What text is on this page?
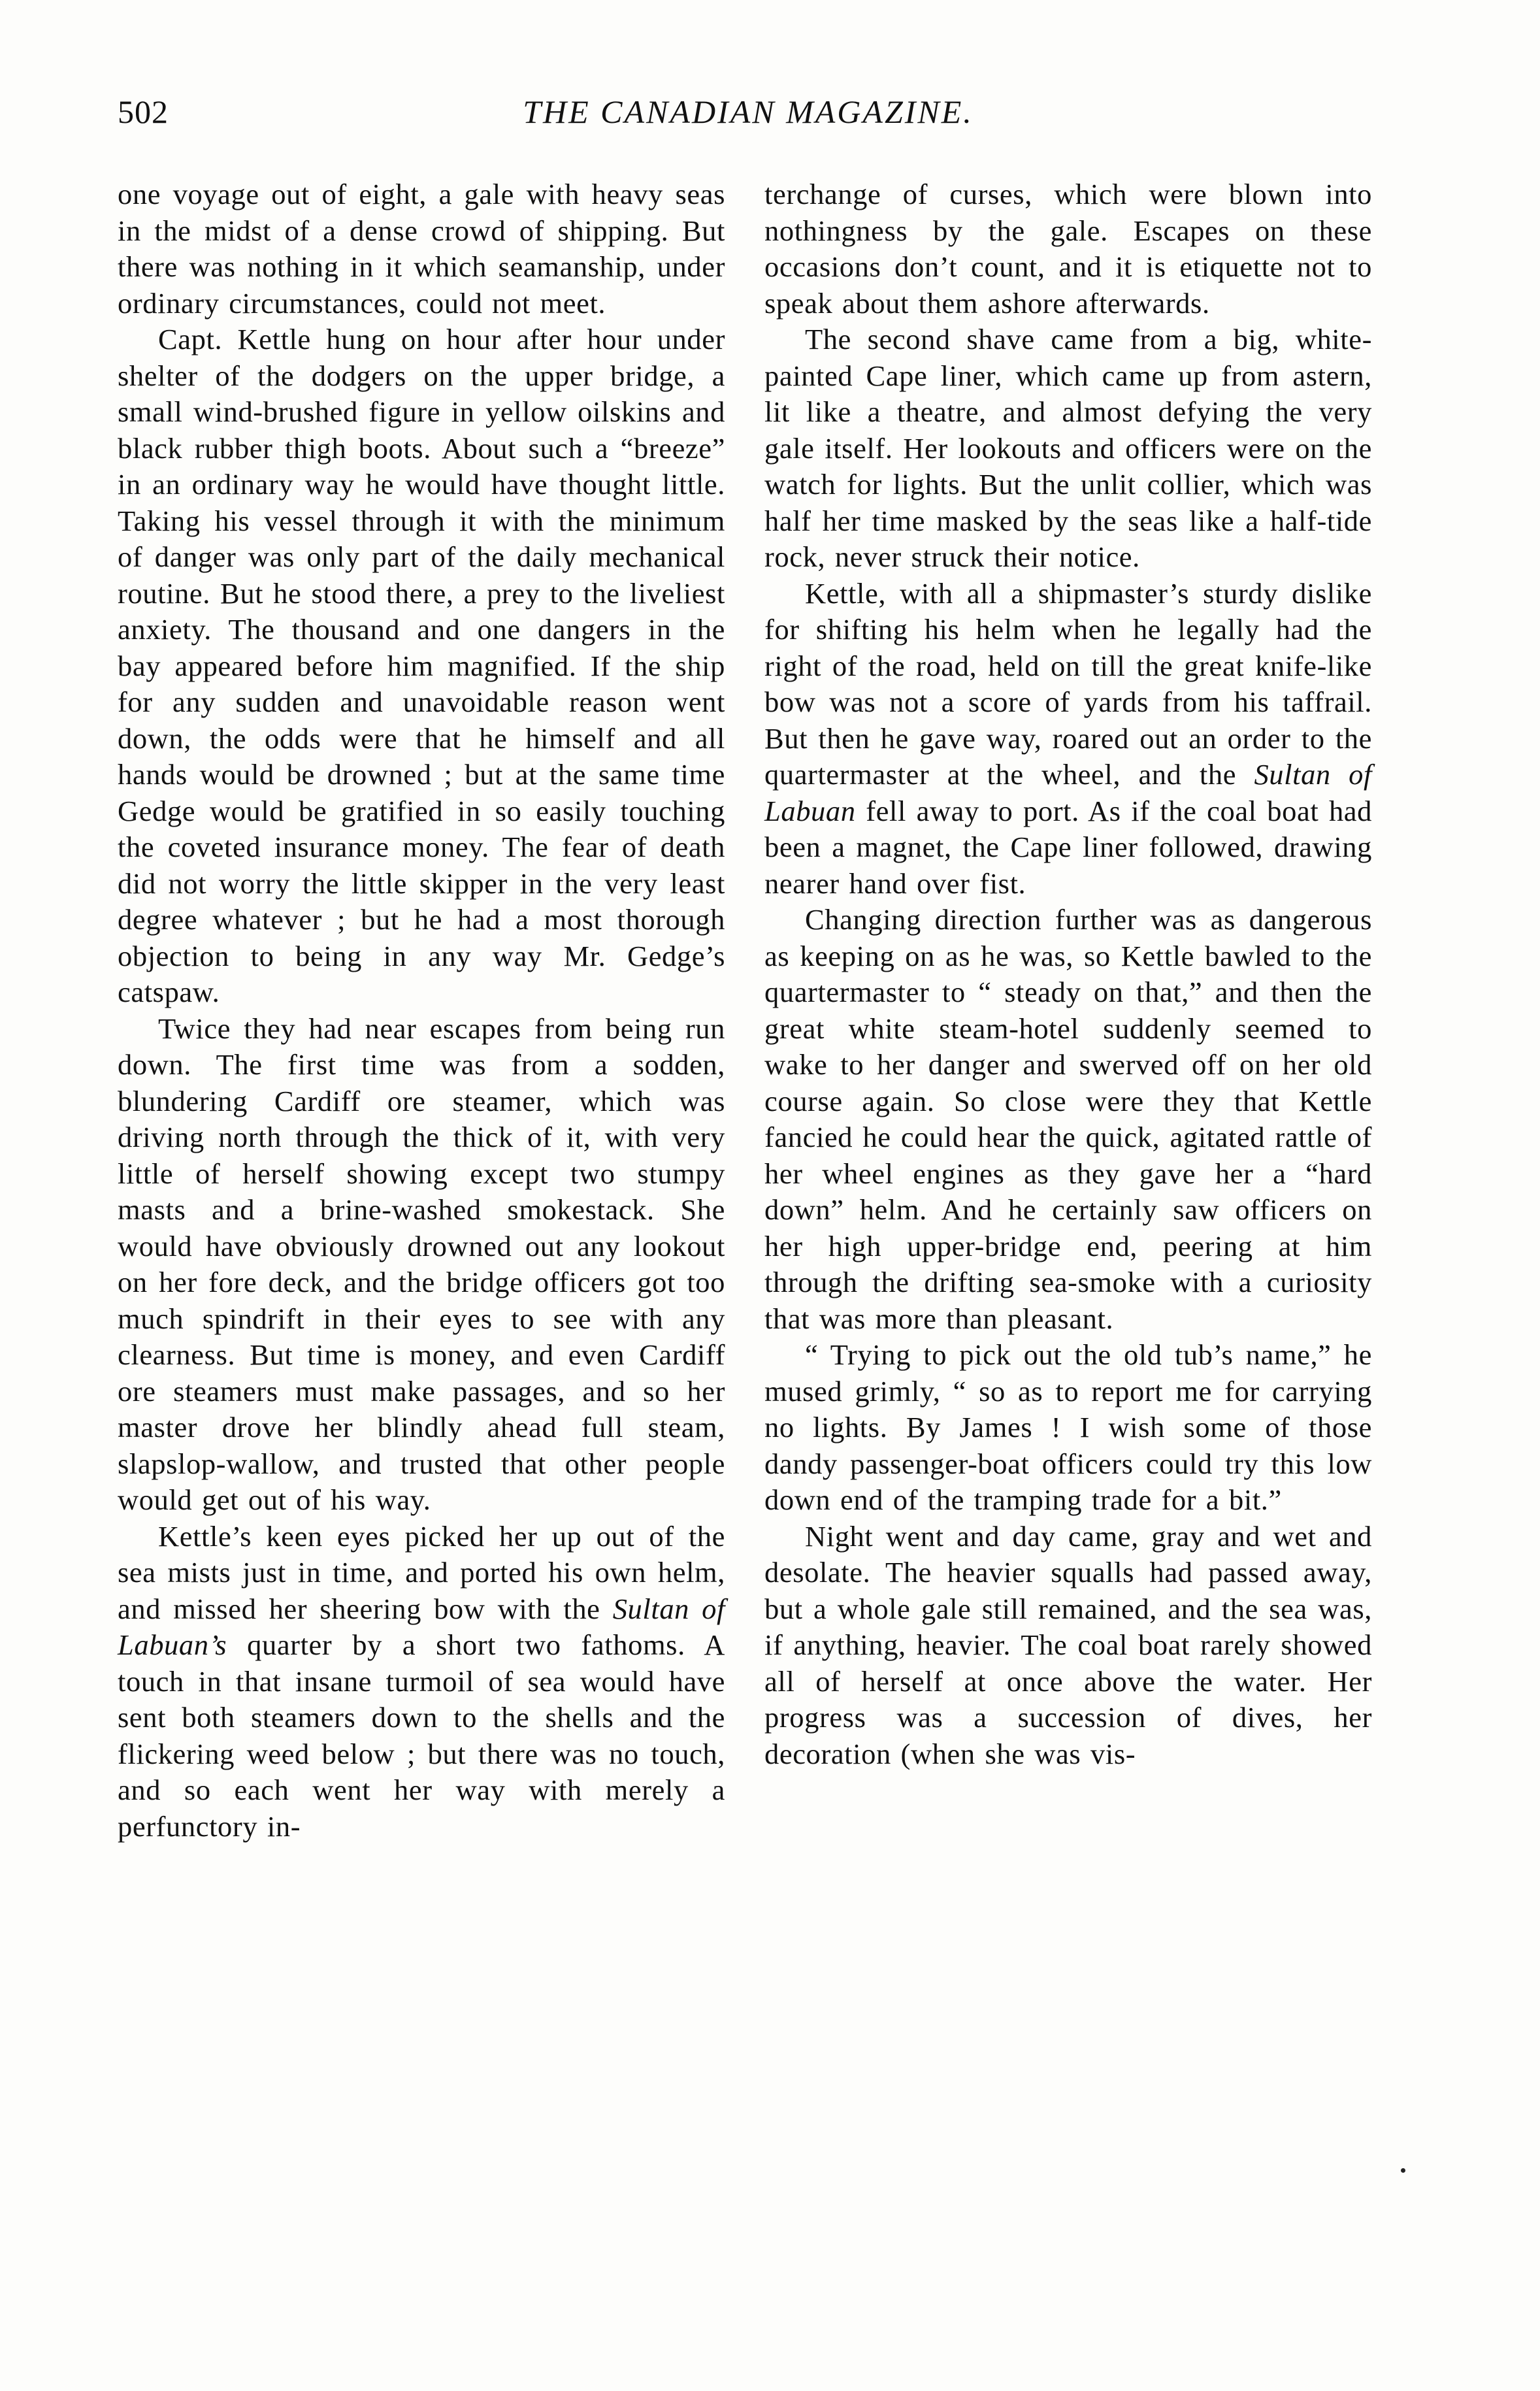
502	THE CANADIAN MAGAZINE.

one voyage out of eight, a gale with heavy seas in the midst of a dense crowd of shipping. But there was nothing in it which seamanship, under ordinary circumstances, could not meet.

Capt. Kettle hung on hour after hour under shelter of the dodgers on the upper bridge, a small wind-brushed figure in yellow oilskins and black rubber thigh boots. About such a “breeze” in an ordinary way he would have thought little. Taking his vessel through it with the minimum of danger was only part of the daily mechanical routine. But he stood there, a prey to the liveliest anxiety. The thousand and one dangers in the bay appeared before him magnified. If the ship for any sudden and unavoidable reason went down, the odds were that he himself and all hands would be drowned ; but at the same time Gedge would be gratified in so easily touching the coveted insurance money. The fear of death did not worry the little skipper in the very least degree whatever ; but he had a most thorough objection to being in any way Mr. Gedge’s catspaw.

Twice they had near escapes from being run down. The first time was from a sodden, blundering Cardiff ore steamer, which was driving north through the thick of it, with very little of herself showing except two stumpy masts and a brine-washed smokestack. She would have obviously drowned out any lookout on her fore deck, and the bridge officers got too much spindrift in their eyes to see with any clearness. But time is money, and even Cardiff ore steamers must make passages, and so her master drove her blindly ahead full steam, slapslop-wallow, and trusted that other people would get out of his way.

Kettle’s keen eyes picked her up out of the sea mists just in time, and ported his own helm, and missed her sheering bow with the Sultan of Labuan’s quarter by a short two fathoms. A touch in that insane turmoil of sea would have sent both steamers down to the shells and the flickering weed below ; but there was no touch, and so each went her way with merely a perfunctory in-

terchange of curses, which were blown into nothingness by the gale. Escapes on these occasions don’t count, and it is etiquette not to speak about them ashore afterwards.

The second shave came from a big, white-painted Cape liner, which came up from astern, lit like a theatre, and almost defying the very gale itself. Her lookouts and officers were on the watch for lights. But the unlit collier, which was half her time masked by the seas like a half-tide rock, never struck their notice.

Kettle, with all a shipmaster’s sturdy dislike for shifting his helm when he legally had the right of the road, held on till the great knife-like bow was not a score of yards from his taffrail. But then he gave way, roared out an order to the quartermaster at the wheel, and the Sultan of Labuan fell away to port. As if the coal boat had been a magnet, the Cape liner followed, drawing nearer hand over fist.

Changing direction further was as dangerous as keeping on as he was, so Kettle bawled to the quartermaster to “ steady on that,” and then the great white steam-hotel suddenly seemed to wake to her danger and swerved off on her old course again. So close were they that Kettle fancied he could hear the quick, agitated rattle of her wheel engines as they gave her a “hard down” helm. And he certainly saw officers on her high upper-bridge end, peering at him through the drifting sea-smoke with a curiosity that was more than pleasant.

“ Trying to pick out the old tub’s name,” he mused grimly, “ so as to report me for carrying no lights. By James ! I wish some of those dandy passenger-boat officers could try this low down end of the tramping trade for a bit.”

Night went and day came, gray and wet and desolate. The heavier squalls had passed away, but a whole gale still remained, and the sea was, if anything, heavier. The coal boat rarely showed all of herself at once above the water. Her progress was a succession of dives, her decoration (when she was vis-
